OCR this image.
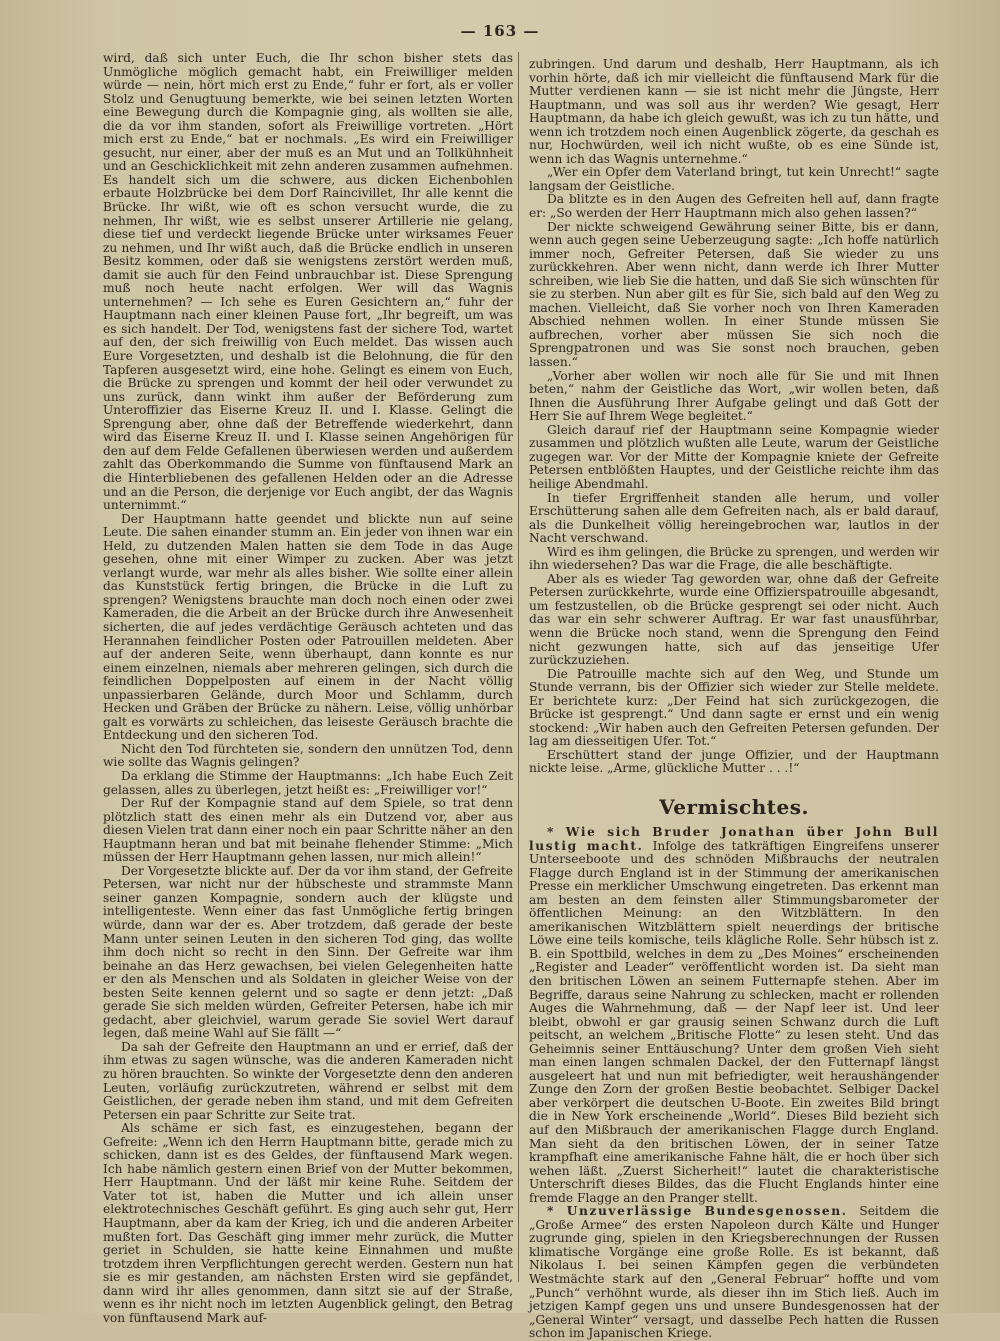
— 163 —

wird, daß sich unter Euch, die Ihr schon bisher stets das Unmögliche möglich gemacht habt, ein Freiwilliger melden würde — nein, hört mich erst zu Ende,“ fuhr er fort, als er voller Stolz und Genugtuung bemerkte, wie bei seinen letzten Worten eine Bewegung durch die Kompagnie ging, als wollten sie alle, die da vor ihm standen, sofort als Freiwillige vortreten. „Hört mich erst zu Ende,“ bat er nochmals. „Es wird ein Freiwilliger gesucht, nur einer, aber der muß es an Mut und an Tollkühnheit und an Geschicklichkeit mit zehn anderen zusammen aufnehmen. Es handelt sich um die schwere, aus dicken Eichenbohlen erbaute Holzbrücke bei dem Dorf Raincivillet, Ihr alle kennt die Brücke. Ihr wißt, wie oft es schon versucht wurde, die zu nehmen, Ihr wißt, wie es selbst unserer Artillerie nie gelang, diese tief und verdeckt liegende Brücke unter wirksames Feuer zu nehmen, und Ihr wißt auch, daß die Brücke endlich in unseren Besitz kommen, oder daß sie wenigstens zerstört werden muß, damit sie auch für den Feind unbrauchbar ist. Diese Sprengung muß noch heute nacht erfolgen. Wer will das Wagnis unternehmen? — Ich sehe es Euren Gesichtern an,“ fuhr der Hauptmann nach einer kleinen Pause fort, „Ihr begreift, um was es sich handelt. Der Tod, wenigstens fast der sichere Tod, wartet auf den, der sich freiwillig von Euch meldet. Das wissen auch Eure Vorgesetzten, und deshalb ist die Belohnung, die für den Tapferen ausgesetzt wird, eine hohe. Gelingt es einem von Euch, die Brücke zu sprengen und kommt der heil oder verwundet zu uns zurück, dann winkt ihm außer der Beförderung zum Unteroffizier das Eiserne Kreuz II. und I. Klasse. Gelingt die Sprengung aber, ohne daß der Betreffende wiederkehrt, dann wird das Eiserne Kreuz II. und I. Klasse seinen Angehörigen für den auf dem Felde Gefallenen überwiesen werden und außerdem zahlt das Oberkommando die Summe von fünftausend Mark an die Hinterbliebenen des gefallenen Helden oder an die Adresse und an die Person, die derjenige vor Euch angibt, der das Wagnis unternimmt.“

Der Hauptmann hatte geendet und blickte nun auf seine Leute. Die sahen einander stumm an. Ein jeder von ihnen war ein Held, zu dutzenden Malen hatten sie dem Tode in das Auge gesehen, ohne mit einer Wimper zu zucken. Aber was jetzt verlangt wurde, war mehr als alles bisher. Wie sollte einer allein das Kunststück fertig bringen, die Brücke in die Luft zu sprengen? Wenigstens brauchte man doch noch einen oder zwei Kameraden, die die Arbeit an der Brücke durch ihre Anwesenheit sicherten, die auf jedes verdächtige Geräusch achteten und das Herannahen feindlicher Posten oder Patrouillen meldeten. Aber auf der anderen Seite, wenn überhaupt, dann konnte es nur einem einzelnen, niemals aber mehreren gelingen, sich durch die feindlichen Doppelposten auf einem in der Nacht völlig unpassierbaren Gelände, durch Moor und Schlamm, durch Hecken und Gräben der Brücke zu nähern. Leise, völlig unhörbar galt es vorwärts zu schleichen, das leiseste Geräusch brachte die Entdeckung und den sicheren Tod.

Nicht den Tod fürchteten sie, sondern den unnützen Tod, denn wie sollte das Wagnis gelingen?

Da erklang die Stimme der Hauptmanns: „Ich habe Euch Zeit gelassen, alles zu überlegen, jetzt heißt es: „Freiwilliger vor!“

Der Ruf der Kompagnie stand auf dem Spiele, so trat denn plötzlich statt des einen mehr als ein Dutzend vor, aber aus diesen Vielen trat dann einer noch ein paar Schritte näher an den Hauptmann heran und bat mit beinahe flehender Stimme: „Mich müssen der Herr Hauptmann gehen lassen, nur mich allein!“

Der Vorgesetzte blickte auf. Der da vor ihm stand, der Gefreite Petersen, war nicht nur der hübscheste und strammste Mann seiner ganzen Kompagnie, sondern auch der klügste und intelligenteste. Wenn einer das fast Unmögliche fertig bringen würde, dann war der es. Aber trotzdem, daß gerade der beste Mann unter seinen Leuten in den sicheren Tod ging, das wollte ihm doch nicht so recht in den Sinn. Der Gefreite war ihm beinahe an das Herz gewachsen, bei vielen Gelegenheiten hatte er den als Menschen und als Soldaten in gleicher Weise von der besten Seite kennen gelernt und so sagte er denn jetzt: „Daß gerade Sie sich melden würden, Gefreiter Petersen, habe ich mir gedacht, aber gleichviel, warum gerade Sie soviel Wert darauf legen, daß meine Wahl auf Sie fällt —“

Da sah der Gefreite den Hauptmann an und er errief, daß der ihm etwas zu sagen wünsche, was die anderen Kameraden nicht zu hören brauchten. So winkte der Vorgesetzte denn den anderen Leuten, vorläufig zurückzutreten, während er selbst mit dem Geistlichen, der gerade neben ihm stand, und mit dem Gefreiten Petersen ein paar Schritte zur Seite trat.

Als schäme er sich fast, es einzugestehen, begann der Gefreite: „Wenn ich den Herrn Hauptmann bitte, gerade mich zu schicken, dann ist es des Geldes, der fünftausend Mark wegen. Ich habe nämlich gestern einen Brief von der Mutter bekommen, Herr Hauptmann. Und der läßt mir keine Ruhe. Seitdem der Vater tot ist, haben die Mutter und ich allein unser elektrotechnisches Geschäft geführt. Es ging auch sehr gut, Herr Hauptmann, aber da kam der Krieg, ich und die anderen Arbeiter mußten fort. Das Geschäft ging immer mehr zurück, die Mutter geriet in Schulden, sie hatte keine Einnahmen und mußte trotzdem ihren Verpflichtungen gerecht werden. Gestern nun hat sie es mir gestanden, am nächsten Ersten wird sie gepfändet, dann wird ihr alles genommen, dann sitzt sie auf der Straße, wenn es ihr nicht noch im letzten Augenblick gelingt, den Betrag von fünftausend Mark auf-

zubringen. Und darum und deshalb, Herr Hauptmann, als ich vorhin hörte, daß ich mir vielleicht die fünftausend Mark für die Mutter verdienen kann — sie ist nicht mehr die Jüngste, Herr Hauptmann, und was soll aus ihr werden? Wie gesagt, Herr Hauptmann, da habe ich gleich gewußt, was ich zu tun hätte, und wenn ich trotzdem noch einen Augenblick zögerte, da geschah es nur, Hochwürden, weil ich nicht wußte, ob es eine Sünde ist, wenn ich das Wagnis unternehme.“

„Wer ein Opfer dem Vaterland bringt, tut kein Unrecht!“ sagte langsam der Geistliche.

Da blitzte es in den Augen des Gefreiten hell auf, dann fragte er: „So werden der Herr Hauptmann mich also gehen lassen?“

Der nickte schweigend Gewährung seiner Bitte, bis er dann, wenn auch gegen seine Ueberzeugung sagte: „Ich hoffe natürlich immer noch, Gefreiter Petersen, daß Sie wieder zu uns zurückkehren. Aber wenn nicht, dann werde ich Ihrer Mutter schreiben, wie lieb Sie die hatten, und daß Sie sich wünschten für sie zu sterben. Nun aber gilt es für Sie, sich bald auf den Weg zu machen. Vielleicht, daß Sie vorher noch von Ihren Kameraden Abschied nehmen wollen. In einer Stunde müssen Sie aufbrechen, vorher aber müssen Sie sich noch die Sprengpatronen und was Sie sonst noch brauchen, geben lassen.“

„Vorher aber wollen wir noch alle für Sie und mit Ihnen beten,“ nahm der Geistliche das Wort, „wir wollen beten, daß Ihnen die Ausführung Ihrer Aufgabe gelingt und daß Gott der Herr Sie auf Ihrem Wege begleitet.“

Gleich darauf rief der Hauptmann seine Kompagnie wieder zusammen und plötzlich wußten alle Leute, warum der Geistliche zugegen war. Vor der Mitte der Kompagnie kniete der Gefreite Petersen entblößten Hauptes, und der Geistliche reichte ihm das heilige Abendmahl.

In tiefer Ergriffenheit standen alle herum, und voller Erschütterung sahen alle dem Gefreiten nach, als er bald darauf, als die Dunkelheit völlig hereingebrochen war, lautlos in der Nacht verschwand.

Wird es ihm gelingen, die Brücke zu sprengen, und werden wir ihn wiedersehen? Das war die Frage, die alle beschäftigte.

Aber als es wieder Tag geworden war, ohne daß der Gefreite Petersen zurückkehrte, wurde eine Offizierspatrouille abgesandt, um festzustellen, ob die Brücke gesprengt sei oder nicht. Auch das war ein sehr schwerer Auftrag. Er war fast unausführbar, wenn die Brücke noch stand, wenn die Sprengung den Feind nicht gezwungen hatte, sich auf das jenseitige Ufer zurückzuziehen.

Die Patrouille machte sich auf den Weg, und Stunde um Stunde verrann, bis der Offizier sich wieder zur Stelle meldete. Er berichtete kurz: „Der Feind hat sich zurückgezogen, die Brücke ist gesprengt.“ Und dann sagte er ernst und ein wenig stockend: „Wir haben auch den Gefreiten Petersen gefunden. Der lag am diesseitigen Ufer. Tot.“

Erschüttert stand der junge Offizier, und der Hauptmann nickte leise. „Arme, glückliche Mutter . . .!“

Vermischtes.

* Wie sich Bruder Jonathan über John Bull lustig macht. Infolge des tatkräftigen Eingreifens unserer Unterseeboote und des schnöden Mißbrauchs der neutralen Flagge durch England ist in der Stimmung der amerikanischen Presse ein merklicher Umschwung eingetreten. Das erkennt man am besten an dem feinsten aller Stimmungsbarometer der öffentlichen Meinung: an den Witzblättern. In den amerikanischen Witzblättern spielt neuerdings der britische Löwe eine teils komische, teils klägliche Rolle. Sehr hübsch ist z. B. ein Spottbild, welches in dem zu „Des Moines“ erscheinenden „Register and Leader“ veröffentlicht worden ist. Da sieht man den britischen Löwen an seinem Futternapfe stehen. Aber im Begriffe, daraus seine Nahrung zu schlecken, macht er rollenden Auges die Wahrnehmung, daß — der Napf leer ist. Und leer bleibt, obwohl er gar grausig seinen Schwanz durch die Luft peitscht, an welchem „Britische Flotte“ zu lesen steht. Und das Geheimnis seiner Enttäuschung? Unter dem großen Vieh sieht man einen langen schmalen Dackel, der den Futternapf längst ausgeleert hat und nun mit befriedigter, weit heraushängender Zunge den Zorn der großen Bestie beobachtet. Selbiger Dackel aber verkörpert die deutschen U-Boote. Ein zweites Bild bringt die in New York erscheinende „World“. Dieses Bild bezieht sich auf den Mißbrauch der amerikanischen Flagge durch England. Man sieht da den britischen Löwen, der in seiner Tatze krampfhaft eine amerikanische Fahne hält, die er hoch über sich wehen läßt. „Zuerst Sicherheit!“ lautet die charakteristische Unterschrift dieses Bildes, das die Flucht Englands hinter eine fremde Flagge an den Pranger stellt.

* Unzuverlässige Bundesgenossen. Seitdem die „Große Armee“ des ersten Napoleon durch Kälte und Hunger zugrunde ging, spielen in den Kriegsberechnungen der Russen klimatische Vorgänge eine große Rolle. Es ist bekannt, daß Nikolaus I. bei seinen Kämpfen gegen die verbündeten Westmächte stark auf den „General Februar“ hoffte und vom „Punch“ verhöhnt wurde, als dieser ihn im Stich ließ. Auch im jetzigen Kampf gegen uns und unsere Bundesgenossen hat der „General Winter“ versagt, und dasselbe Pech hatten die Russen schon im Japanischen Kriege.
